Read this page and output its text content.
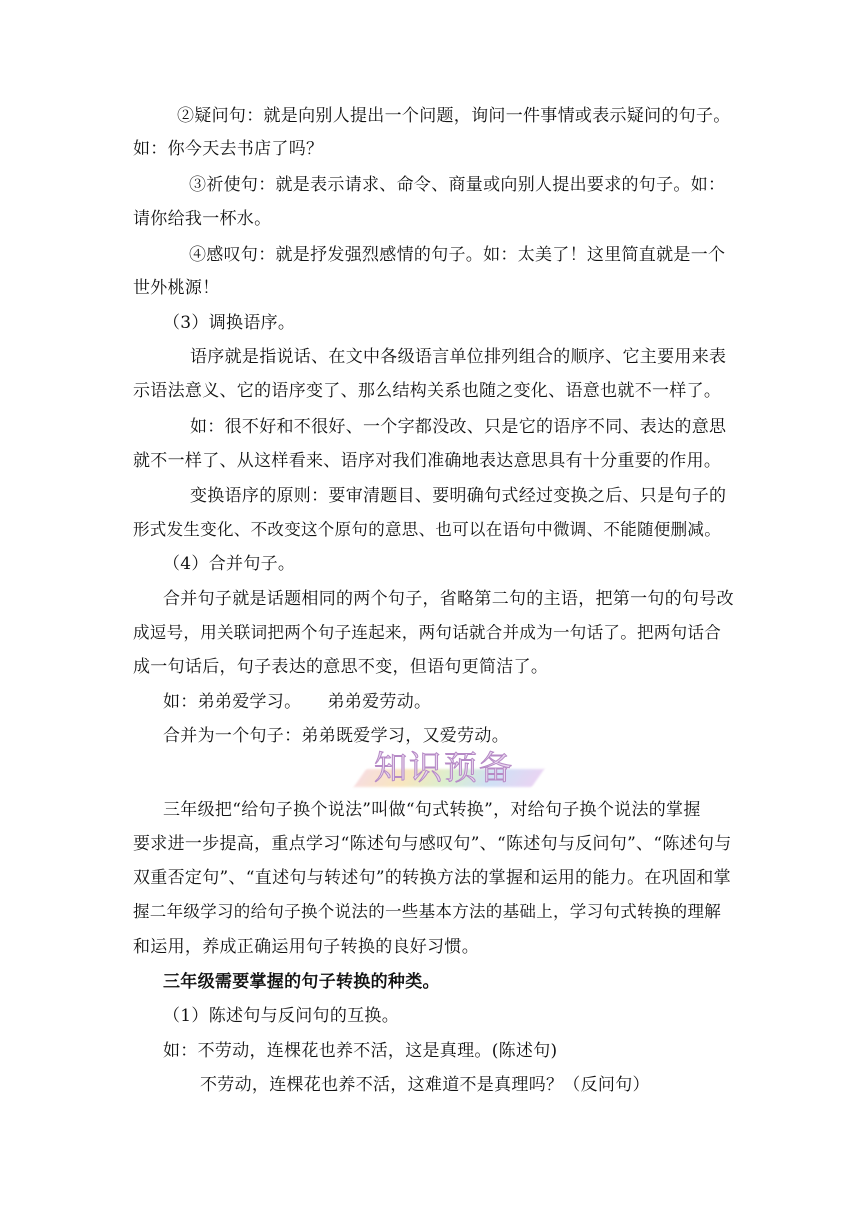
②疑问句：就是向别人提出一个问题，询问一件事情或表示疑问的句子。
如：你今天去书店了吗？
③祈使句：就是表示请求、命令、商量或向别人提出要求的句子。如：
请你给我一杯水。
④感叹句：就是抒发强烈感情的句子。如：太美了！这里简直就是一个
世外桃源！
（3）调换语序。
语序就是指说话、在文中各级语言单位排列组合的顺序、它主要用来表
示语法意义、它的语序变了、那么结构关系也随之变化、语意也就不一样了。
如：很不好和不很好、一个字都没改、只是它的语序不同、表达的意思
就不一样了、从这样看来、语序对我们准确地表达意思具有十分重要的作用。
变换语序的原则：要审清题目、要明确句式经过变换之后、只是句子的
形式发生变化、不改变这个原句的意思、也可以在语句中微调、不能随便删减。
（4）合并句子。
合并句子就是话题相同的两个句子，省略第二句的主语，把第一句的句号改
成逗号，用关联词把两个句子连起来，两句话就合并成为一句话了。把两句话合
成一句话后，句子表达的意思不变，但语句更简洁了。
如：弟弟爱学习。　　弟弟爱劳动。
合并为一个句子：弟弟既爱学习，又爱劳动。
知识预备
三年级把“给句子换个说法”叫做“句式转换”，对给句子换个说法的掌握
要求进一步提高，重点学习“陈述句与感叹句”、“陈述句与反问句”、“陈述句与
双重否定句”、“直述句与转述句”的转换方法的掌握和运用的能力。在巩固和掌
握二年级学习的给句子换个说法的一些基本方法的基础上，学习句式转换的理解
和运用，养成正确运用句子转换的良好习惯。
三年级需要掌握的句子转换的种类。
（1）陈述句与反问句的互换。
如：不劳动，连棵花也养不活，这是真理。(陈述句)
不劳动，连棵花也养不活，这难道不是真理吗？（反问句）
